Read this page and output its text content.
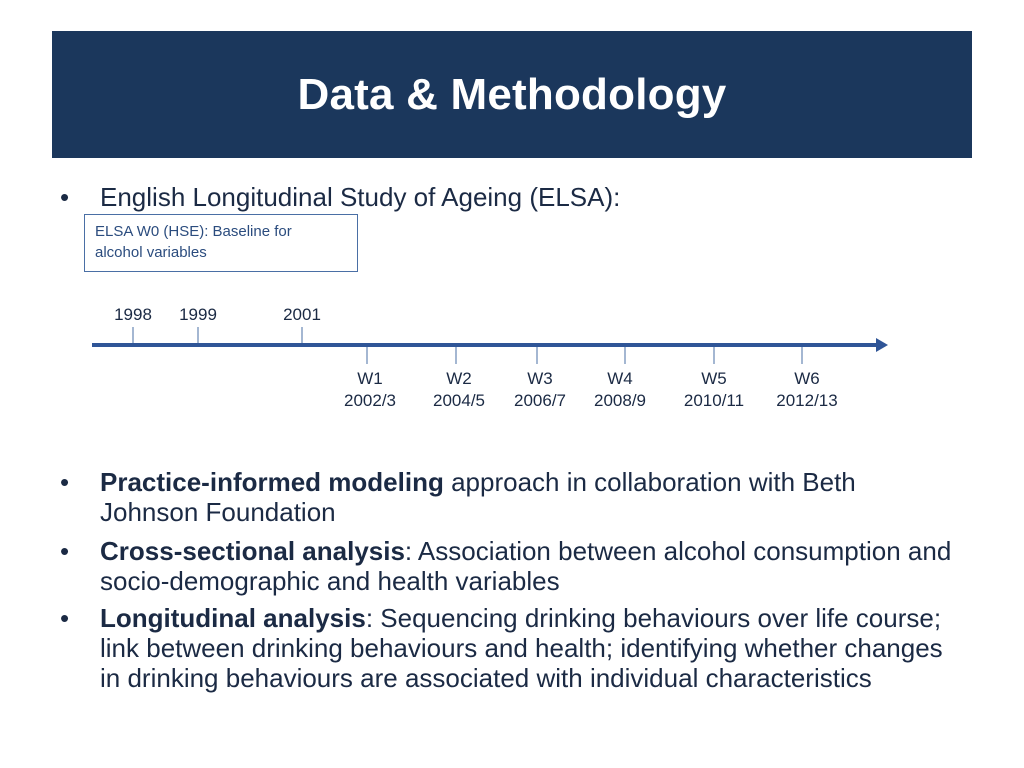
Data & Methodology
•	English Longitudinal Study of Ageing (ELSA):
ELSA W0 (HSE): Baseline for
alcohol variables
1998	1999	2001
W1
2002/3
W2
2004/5
W3
2006/7
W4
2008/9
W5
2010/11
W6
2012/13
•	Practice-informed modeling approach in collaboration with Beth Johnson Foundation
•	Cross-sectional analysis: Association between alcohol consumption and socio-demographic and health variables
•	Longitudinal analysis: Sequencing drinking behaviours over life course; link between drinking behaviours and health; identifying whether changes in drinking behaviours are associated with individual characteristics
